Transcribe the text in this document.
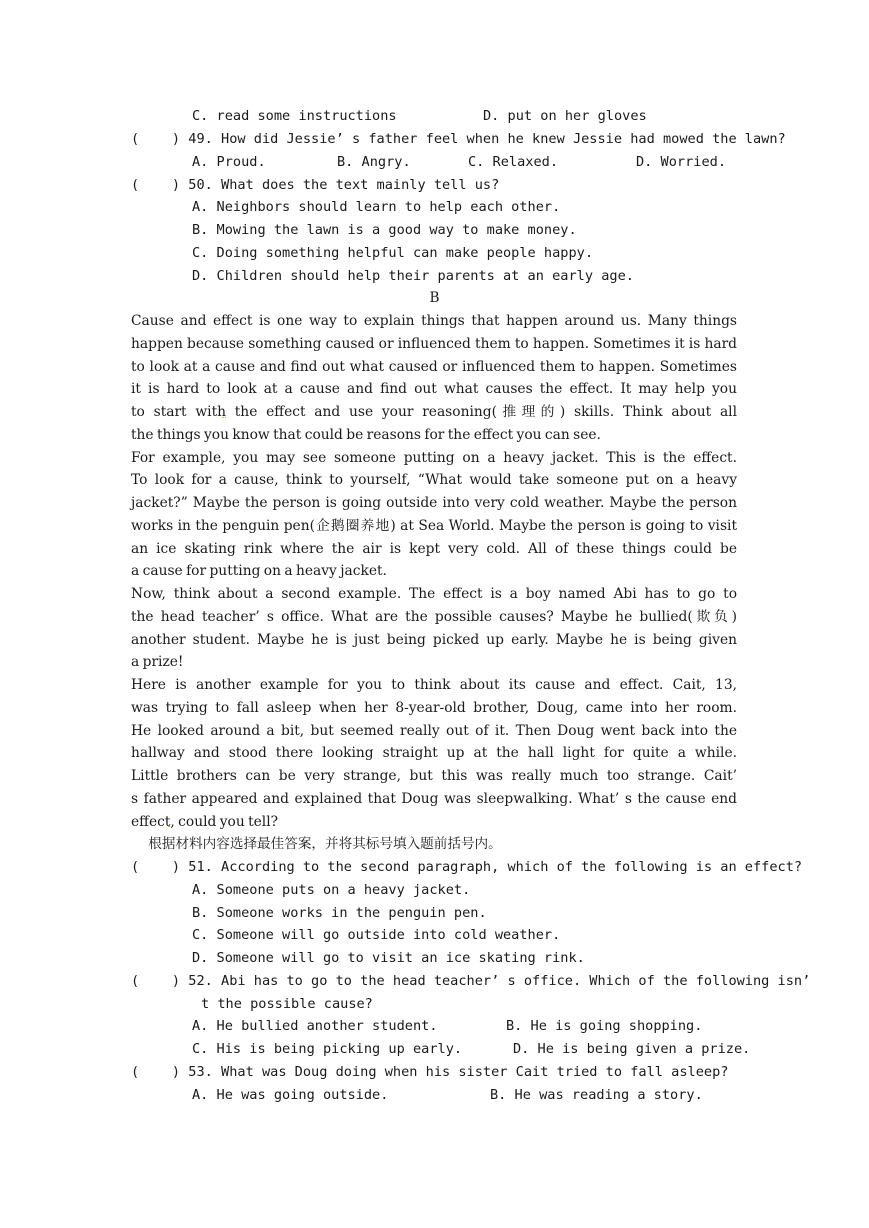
C. read some instructions	D. put on her gloves
(    ) 49. How did Jessie’ s father feel when he knew Jessie had mowed the lawn?
A. Proud.	B. Angry.	C. Relaxed.	D. Worried.
(    ) 50. What does the text mainly tell us?
A. Neighbors should learn to help each other.
B. Mowing the lawn is a good way to make money.
C. Doing something helpful can make people happy.
D. Children should help their parents at an early age.
B
Cause and effect is one way to explain things that happen around us. Many things
happen because something caused or influenced them to happen. Sometimes it is hard
to look at a cause and find out what caused or influenced them to happen. Sometimes
it is hard to look at a cause and find out what causes the effect. It may help you
to start with the effect and use your reasoning(推理的) skills. Think about all
the things you know that could be reasons for the effect you can see.
For example, you may see someone putting on a heavy jacket. This is the effect.
To look for a cause, think to yourself, “What would take someone put on a heavy
jacket?” Maybe the person is going outside into very cold weather. Maybe the person
works in the penguin pen(企鹅圈养地) at Sea World. Maybe the person is going to visit
an ice skating rink where the air is kept very cold. All of these things could be
a cause for putting on a heavy jacket.
Now, think about a second example. The effect is a boy named Abi has to go to
the head teacher’ s office. What are the possible causes? Maybe he bullied(欺负)
another student. Maybe he is just being picked up early. Maybe he is being given
a prize!
Here is another example for you to think about its cause and effect. Cait, 13,
was trying to fall asleep when her 8-year-old brother, Doug, came into her room.
He looked around a bit, but seemed really out of it. Then Doug went back into the
hallway and stood there looking straight up at the hall light for quite a while.
Little brothers can be very strange, but this was really much too strange. Cait’
s father appeared and explained that Doug was sleepwalking. What’ s the cause end
effect, could you tell?
根据材料内容选择最佳答案，并将其标号填入题前括号内。
(    ) 51. According to the second paragraph, which of the following is an effect?
A. Someone puts on a heavy jacket.
B. Someone works in the penguin pen.
C. Someone will go outside into cold weather.
D. Someone will go to visit an ice skating rink.
(    ) 52. Abi has to go to the head teacher’ s office. Which of the following isn’
t the possible cause?
A. He bullied another student.	B. He is going shopping.
C. His is being picking up early.	D. He is being given a prize.
(    ) 53. What was Doug doing when his sister Cait tried to fall asleep?
A. He was going outside.	B. He was reading a story.
